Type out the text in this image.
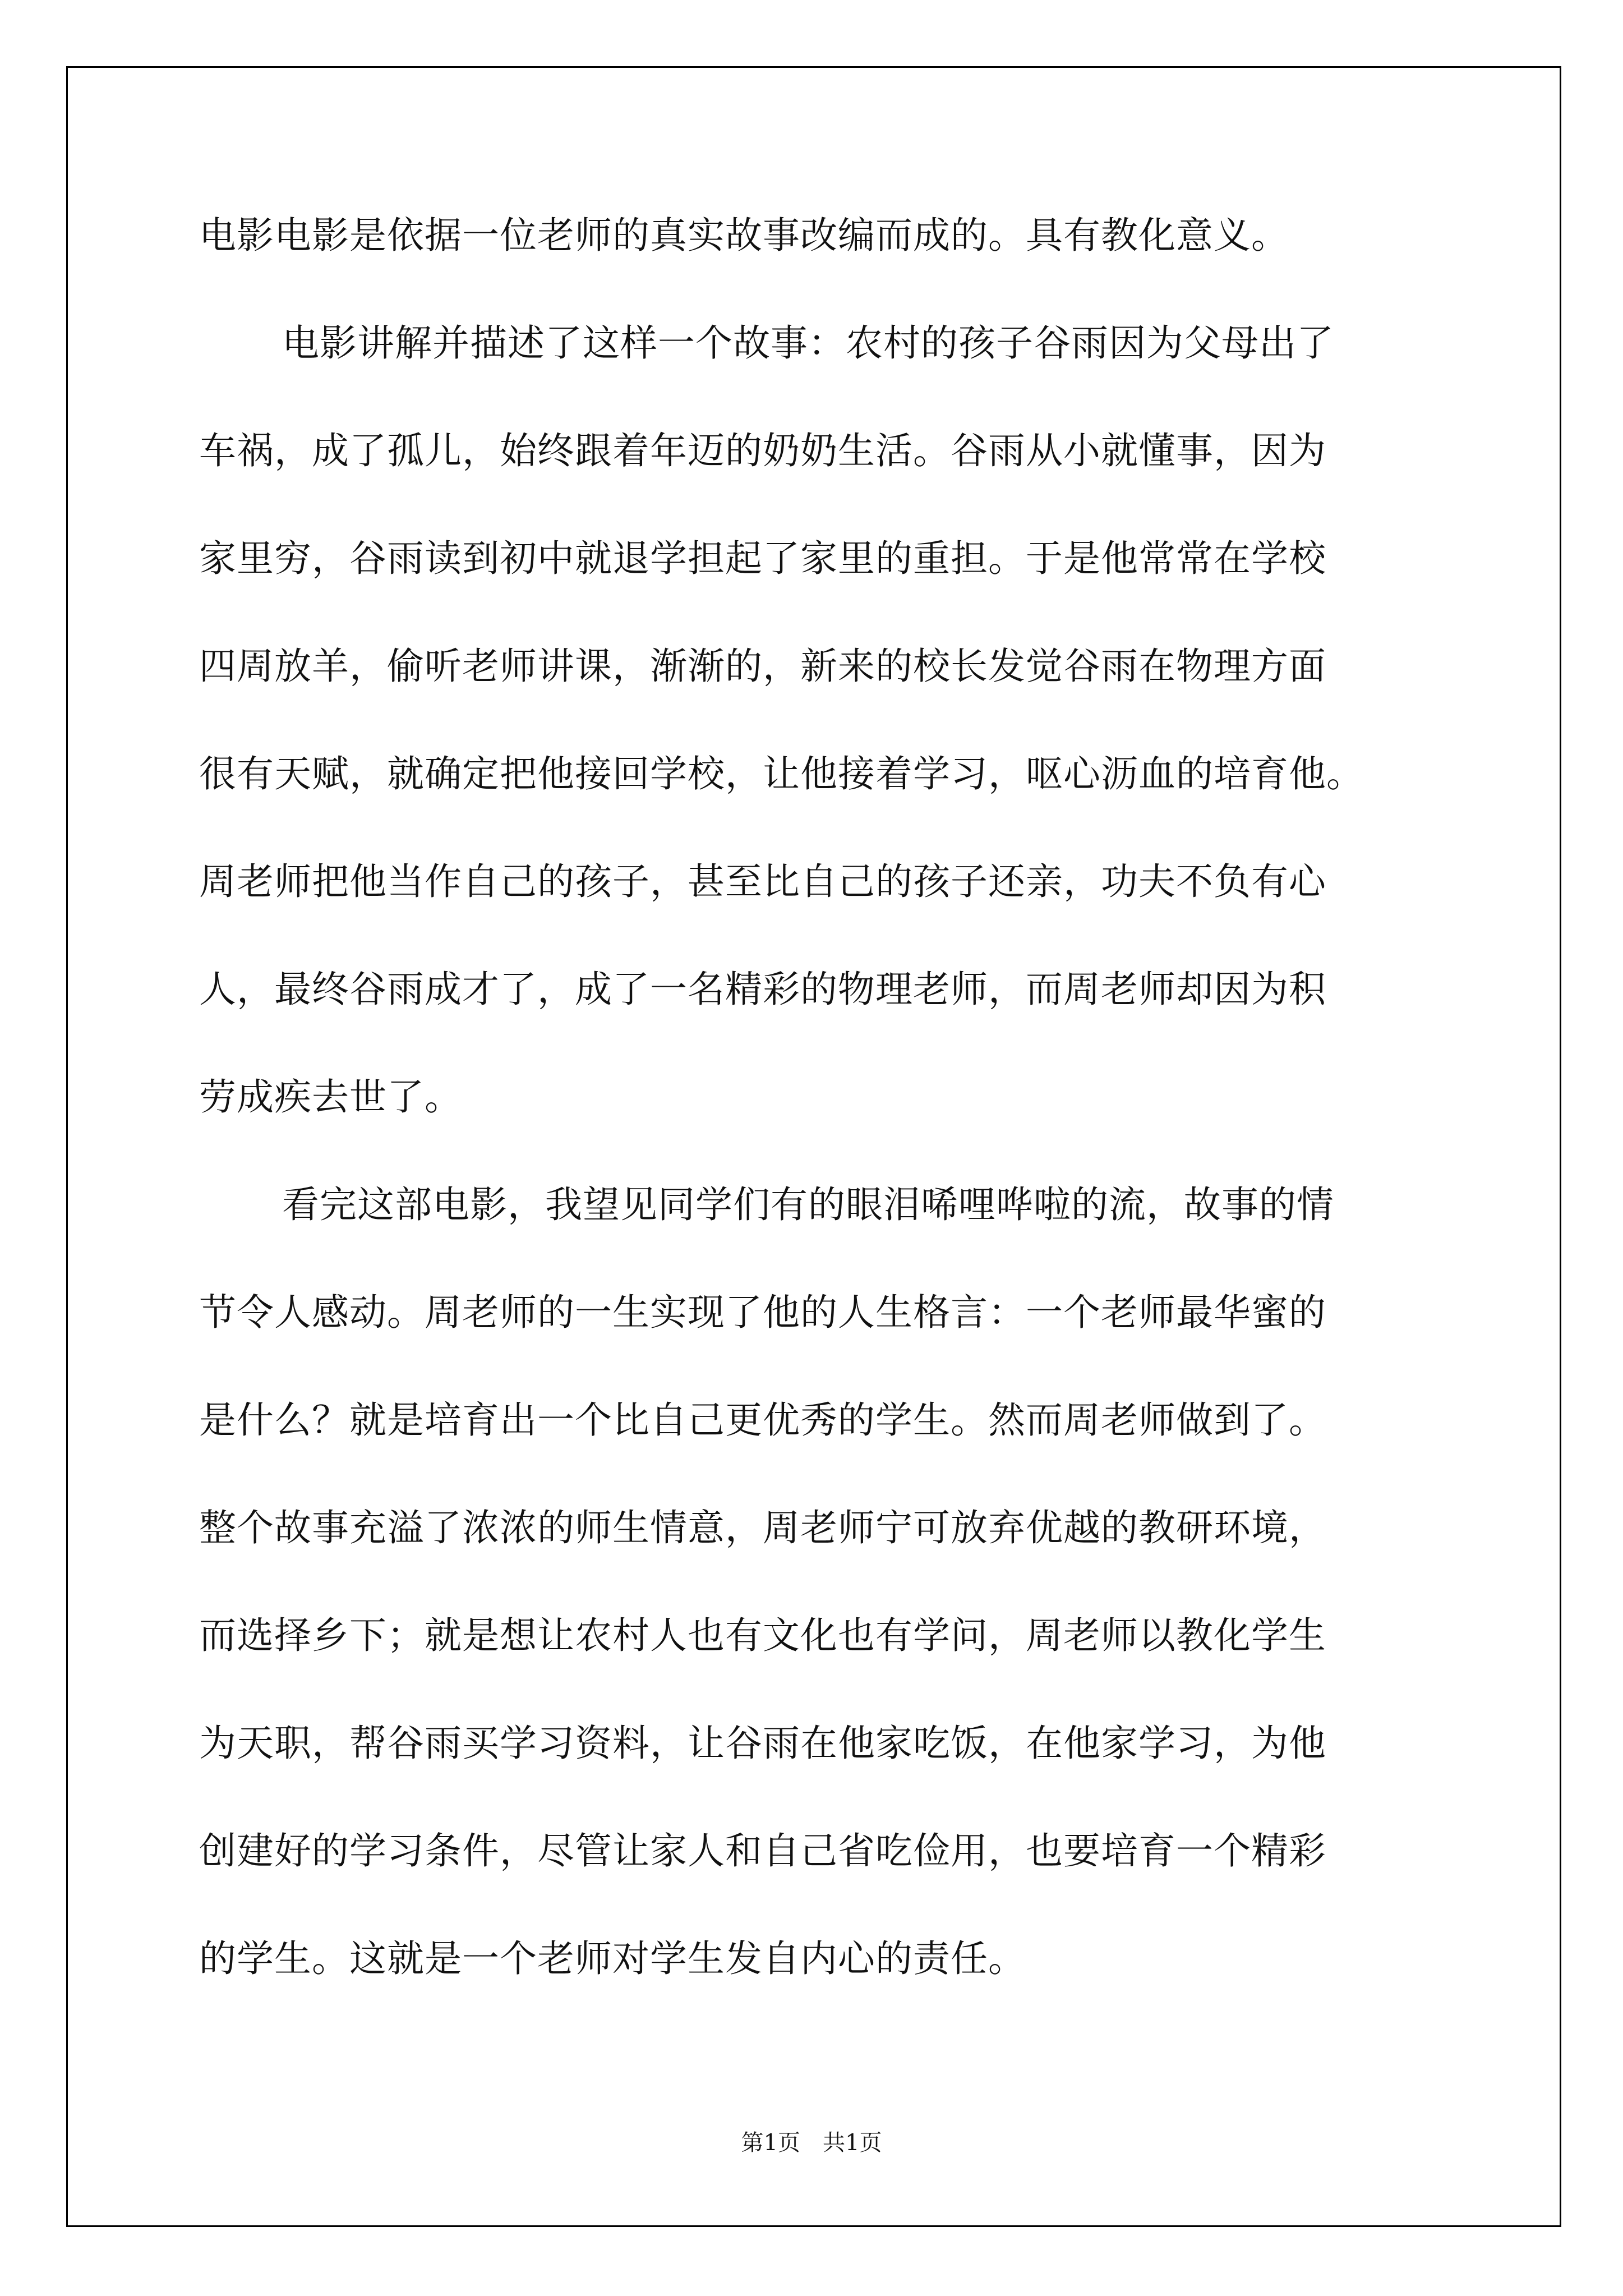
电影电影是依据一位老师的真实故事改编而成的。具有教化意义。
电影讲解并描述了这样一个故事：农村的孩子谷雨因为父母出了
车祸，成了孤儿，始终跟着年迈的奶奶生活。谷雨从小就懂事，因为
家里穷，谷雨读到初中就退学担起了家里的重担。于是他常常在学校
四周放羊，偷听老师讲课，渐渐的，新来的校长发觉谷雨在物理方面
很有天赋，就确定把他接回学校，让他接着学习，呕心沥血的培育他。
周老师把他当作自己的孩子，甚至比自己的孩子还亲，功夫不负有心
人，最终谷雨成才了，成了一名精彩的物理老师，而周老师却因为积
劳成疾去世了。
看完这部电影，我望见同学们有的眼泪唏哩哗啦的流，故事的情
节令人感动。周老师的一生实现了他的人生格言：一个老师最华蜜的
是什么？就是培育出一个比自己更优秀的学生。然而周老师做到了。
整个故事充溢了浓浓的师生情意，周老师宁可放弃优越的教研环境，
而选择乡下；就是想让农村人也有文化也有学问，周老师以教化学生
为天职，帮谷雨买学习资料，让谷雨在他家吃饭，在他家学习，为他
创建好的学习条件，尽管让家人和自己省吃俭用，也要培育一个精彩
的学生。这就是一个老师对学生发自内心的责任。
第1页　共1页
